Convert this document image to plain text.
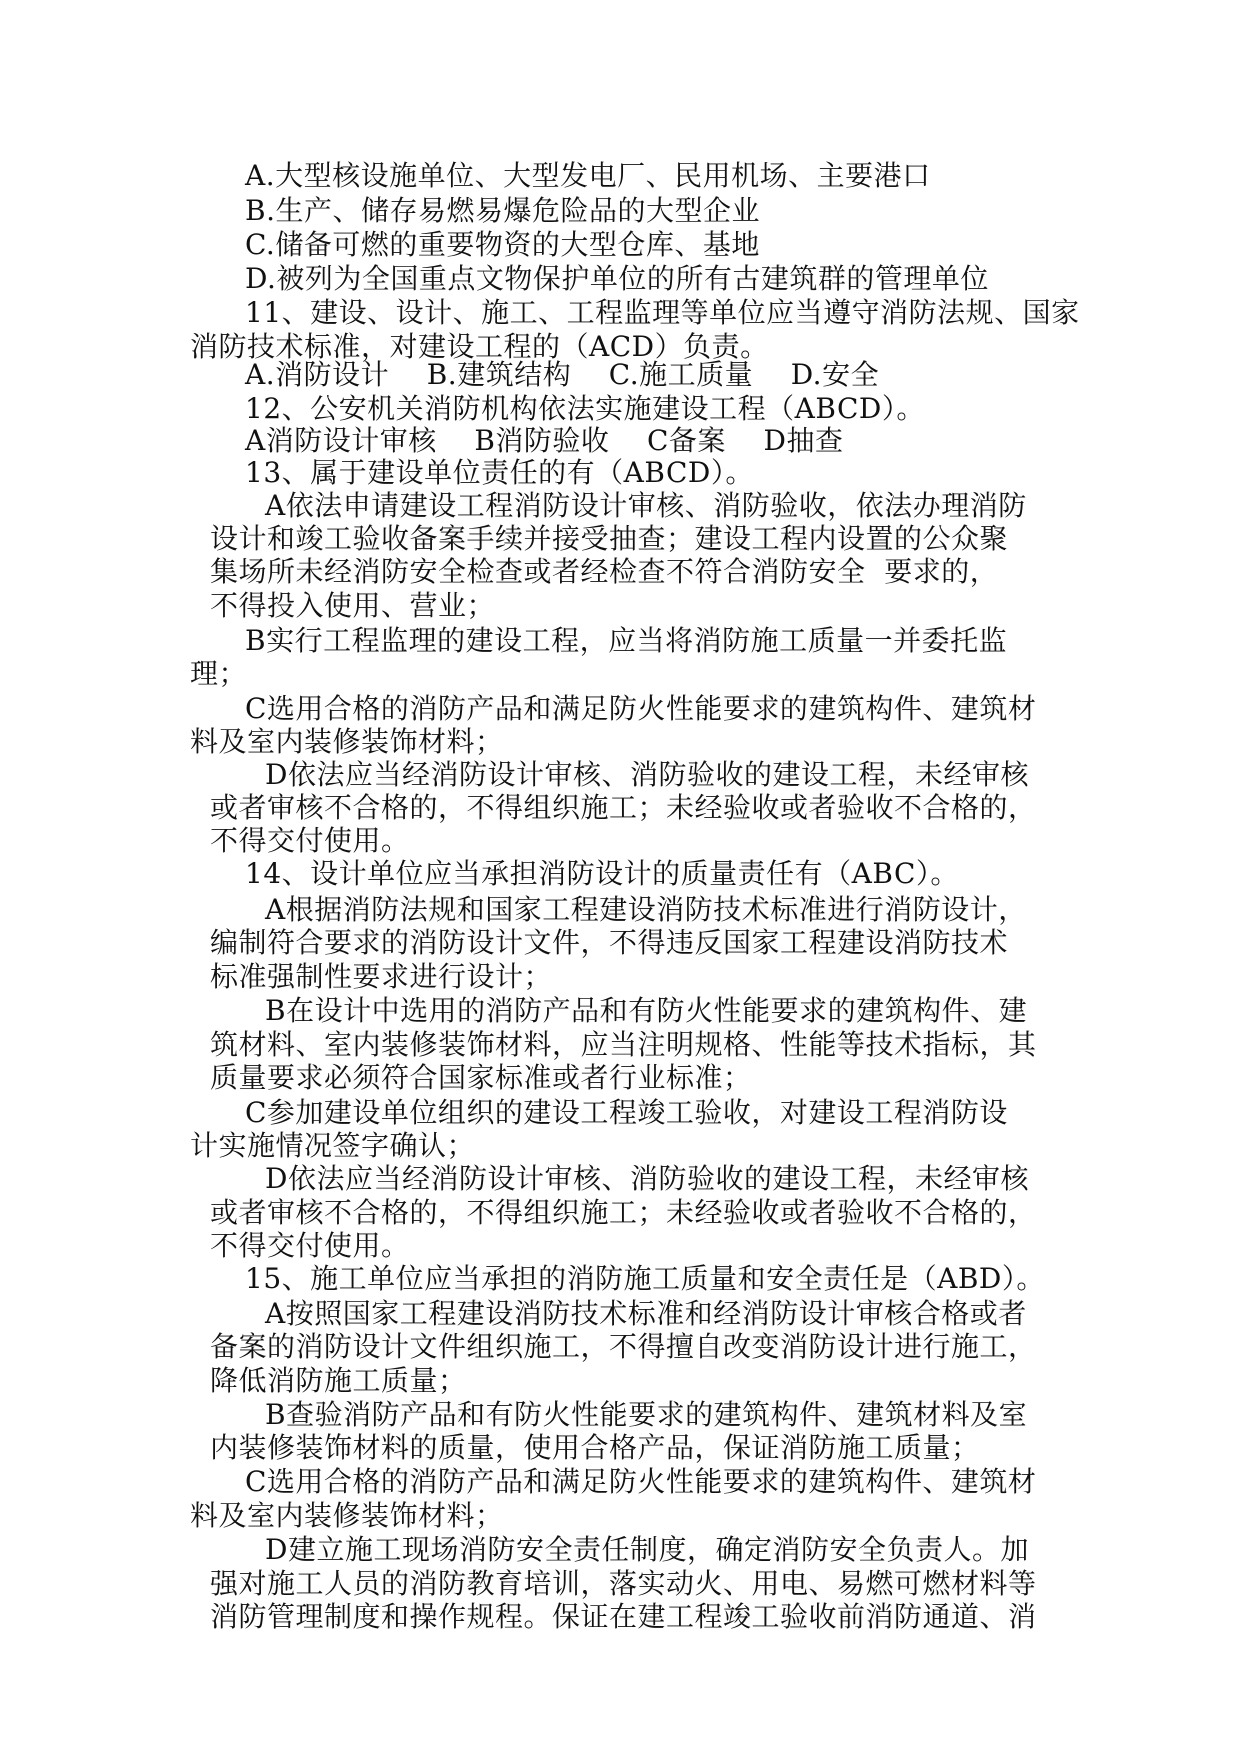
A.大型核设施单位、大型发电厂、民用机场、主要港口
B.生产、储存易燃易爆危险品的大型企业
C.储备可燃的重要物资的大型仓库、基地
D.被列为全国重点文物保护单位的所有古建筑群的管理单位
11、建设、设计、施工、工程监理等单位应当遵守消防法规、国家
消防技术标准，对建设工程的（ACD）负责。
A.消防设计    B.建筑结构    C.施工质量    D.安全
12、公安机关消防机构依法实施建设工程（ABCD）。
A消防设计审核    B消防验收    C备案    D抽查
13、属于建设单位责任的有（ABCD）。
A依法申请建设工程消防设计审核、消防验收，依法办理消防
设计和竣工验收备案手续并接受抽查；建设工程内设置的公众聚
集场所未经消防安全检查或者经检查不符合消防安全  要求的，
不得投入使用、营业；
B实行工程监理的建设工程，应当将消防施工质量一并委托监
理；
C选用合格的消防产品和满足防火性能要求的建筑构件、建筑材
料及室内装修装饰材料；
D依法应当经消防设计审核、消防验收的建设工程，未经审核
或者审核不合格的，不得组织施工；未经验收或者验收不合格的，
不得交付使用。
14、设计单位应当承担消防设计的质量责任有（ABC）。
A根据消防法规和国家工程建设消防技术标准进行消防设计，
编制符合要求的消防设计文件，不得违反国家工程建设消防技术
标准强制性要求进行设计；
B在设计中选用的消防产品和有防火性能要求的建筑构件、建
筑材料、室内装修装饰材料，应当注明规格、性能等技术指标，其
质量要求必须符合国家标准或者行业标准；
C参加建设单位组织的建设工程竣工验收，对建设工程消防设
计实施情况签字确认；
D依法应当经消防设计审核、消防验收的建设工程，未经审核
或者审核不合格的，不得组织施工；未经验收或者验收不合格的，
不得交付使用。
15、施工单位应当承担的消防施工质量和安全责任是（ABD）。
A按照国家工程建设消防技术标准和经消防设计审核合格或者
备案的消防设计文件组织施工，不得擅自改变消防设计进行施工，
降低消防施工质量；
B查验消防产品和有防火性能要求的建筑构件、建筑材料及室
内装修装饰材料的质量，使用合格产品，保证消防施工质量；
C选用合格的消防产品和满足防火性能要求的建筑构件、建筑材
料及室内装修装饰材料；
D建立施工现场消防安全责任制度，确定消防安全负责人。加
强对施工人员的消防教育培训，落实动火、用电、易燃可燃材料等
消防管理制度和操作规程。保证在建工程竣工验收前消防通道、消
